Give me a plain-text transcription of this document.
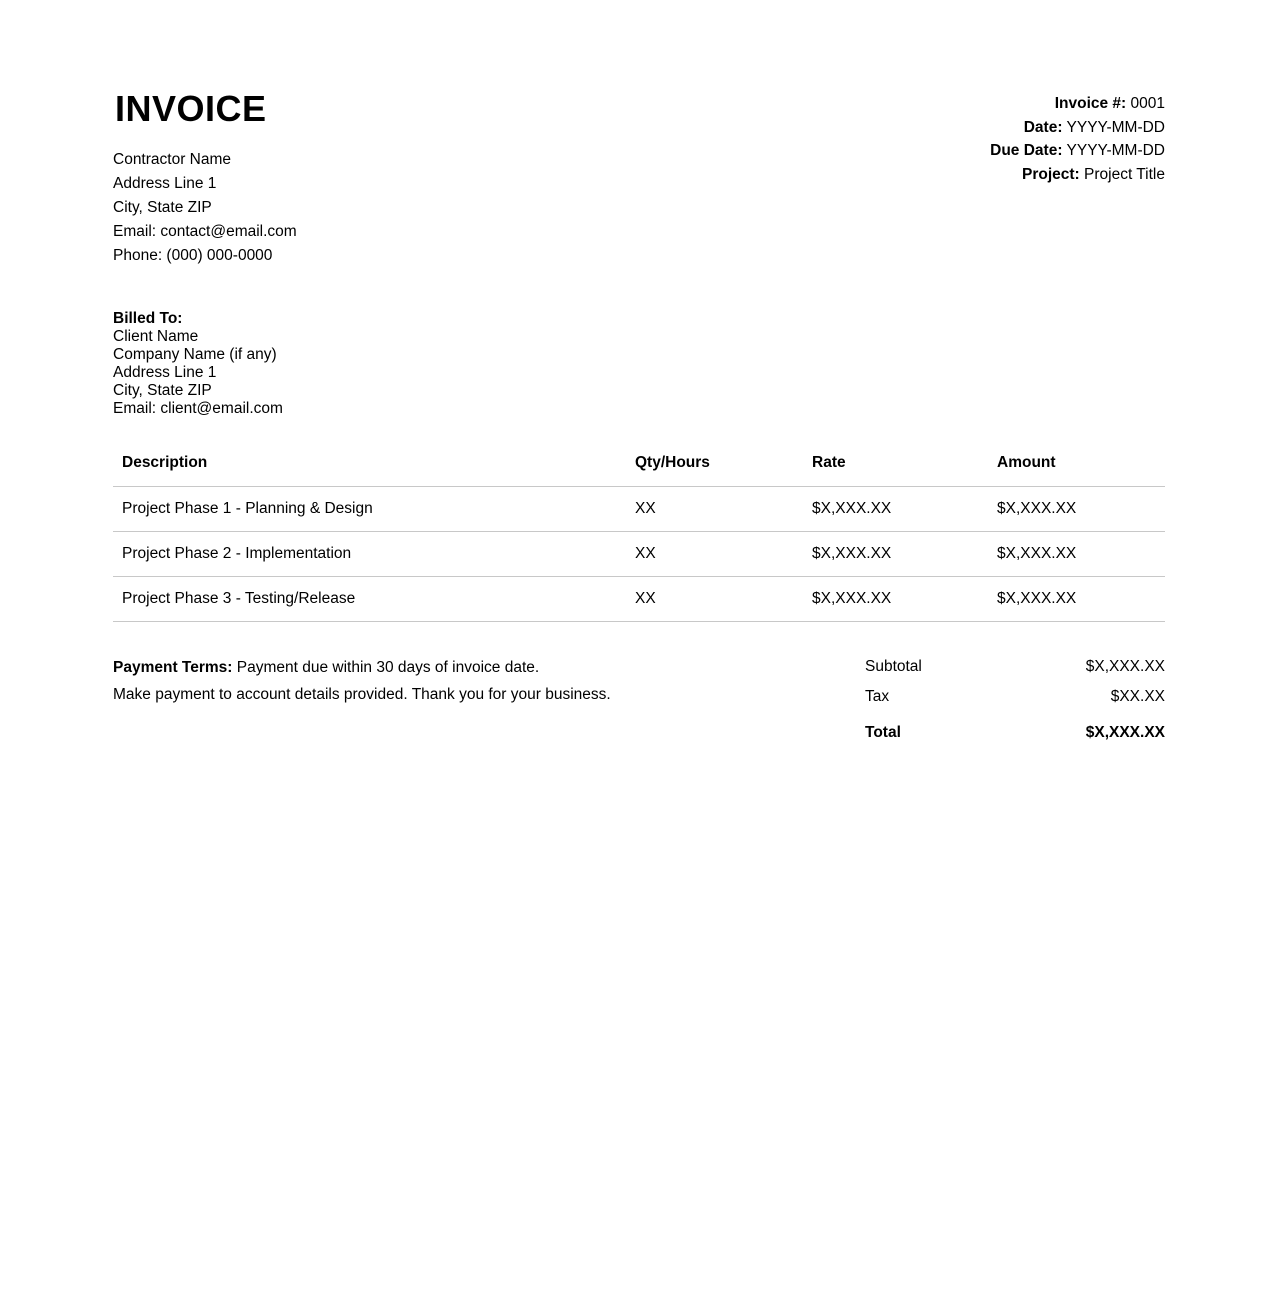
INVOICE
Contractor Name
Address Line 1
City, State ZIP
Email: contact@email.com
Phone: (000) 000-0000
Invoice #: 0001
Date: YYYY-MM-DD
Due Date: YYYY-MM-DD
Project: Project Title
Billed To:
Client Name
Company Name (if any)
Address Line 1
City, State ZIP
Email: client@email.com
Description	Qty/Hours	Rate	Amount
Project Phase 1 - Planning & Design	XX	$X,XXX.XX	$X,XXX.XX
Project Phase 2 - Implementation	XX	$X,XXX.XX	$X,XXX.XX
Project Phase 3 - Testing/Release	XX	$X,XXX.XX	$X,XXX.XX
Payment Terms: Payment due within 30 days of invoice date.
Make payment to account details provided. Thank you for your business.
Subtotal	$X,XXX.XX
Tax	$XX.XX
Total	$X,XXX.XX
